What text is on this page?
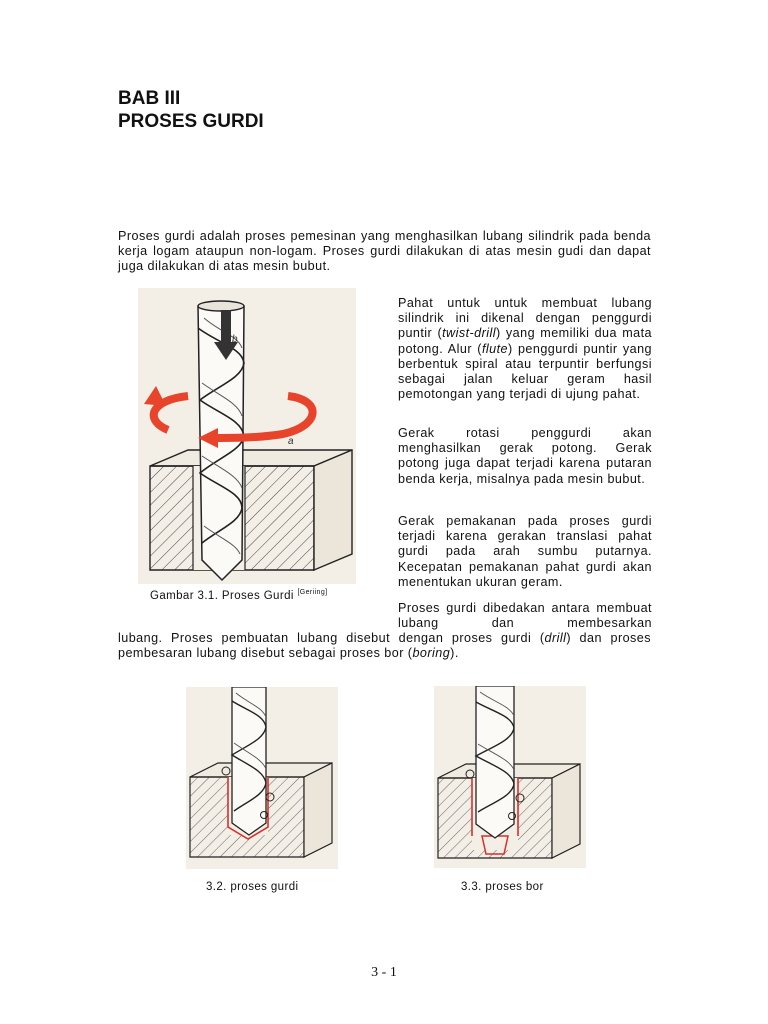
BAB III
PROSES GURDI
Proses gurdi adalah proses pemesinan yang menghasilkan lubang silindrik pada benda kerja logam ataupun non-logam. Proses gurdi dilakukan di atas mesin gudi dan dapat juga dilakukan di atas mesin bubut.
b
a
Gambar 3.1. Proses Gurdi [Geriing]
Pahat untuk untuk membuat lubang silindrik ini dikenal dengan penggurdi puntir (twist-drill) yang memiliki dua mata potong. Alur (flute) penggurdi puntir yang berbentuk spiral atau terpuntir berfungsi sebagai jalan keluar geram hasil pemotongan yang terjadi di ujung pahat.
Gerak rotasi penggurdi akan menghasilkan gerak potong. Gerak potong juga dapat terjadi karena putaran benda kerja, misalnya pada mesin bubut.
Gerak pemakanan pada proses gurdi terjadi karena gerakan translasi pahat gurdi pada arah sumbu putarnya. Kecepatan pemakanan pahat gurdi akan menentukan ukuran geram.
Proses gurdi dibedakan antara membuat lubang dan membesarkan
lubang. Proses pembuatan lubang disebut dengan proses gurdi (drill) dan proses pembesaran lubang disebut sebagai proses bor (boring).
3.2. proses gurdi	3.3. proses bor
3 - 1
